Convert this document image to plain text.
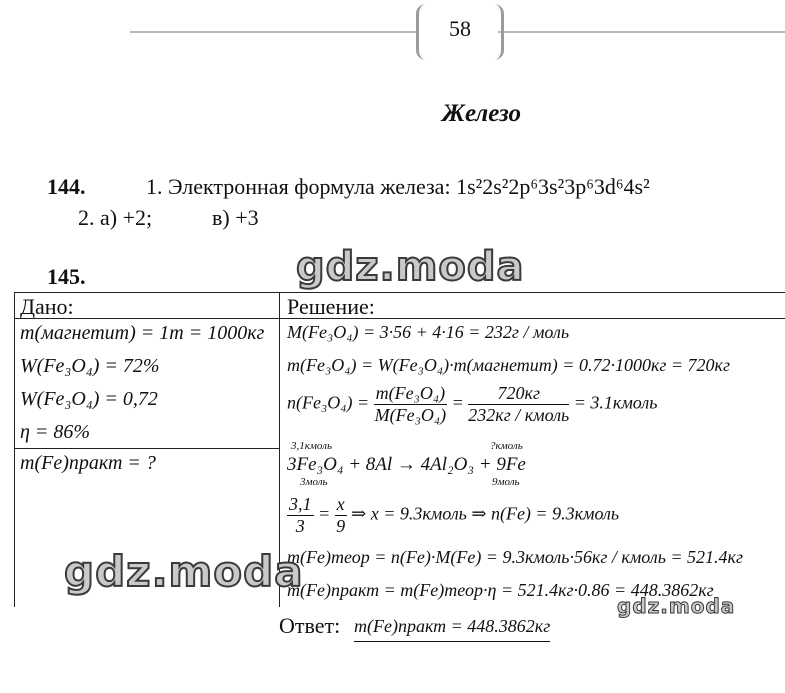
58
Железо
144.	1. Электронная формула железа: 1s²2s²2p⁶3s²3p⁶3d⁶4s²
2. а) +2;	в) +3
145.
Дано:	Решение:
m(магнетит) = 1т = 1000кг
W(Fe₃O₄) = 72%
W(Fe₃O₄) = 0,72
η = 86%
m(Fe)практ = ?
M(Fe₃O₄) = 3·56 + 4·16 = 232г / моль
m(Fe₃O₄) = W(Fe₃O₄)·m(магнетит) = 0.72·1000кг = 720кг
$n(Fe_3O_4) = \frac{\text{m(Fe₃O₄)}}{\text{M(Fe₃O₄)}} = \frac{720кг}{\text{232кг / кмоль}}$ = 3.1кмоль
3,1кмоль
3моль
?кмоль
9моль
3Fe₃O₄ + 8Al → 4Al₂O₃ + 9Fe
$\frac{3,1}{3} = \frac{x}{9}$ ⇒ x = 9.3кмоль ⇒ n(Fe) = 9.3кмоль
m(Fe)теор = n(Fe)·M(Fe) = 9.3кмоль·56кг / кмоль = 521.4кг
m(Fe)практ = m(Fe)теор·η = 521.4кг·0.86 = 448.3862кг
Ответ: m(Fe)практ = 448.3862кг
gdz.moda
gdz.moda
gdz.moda
